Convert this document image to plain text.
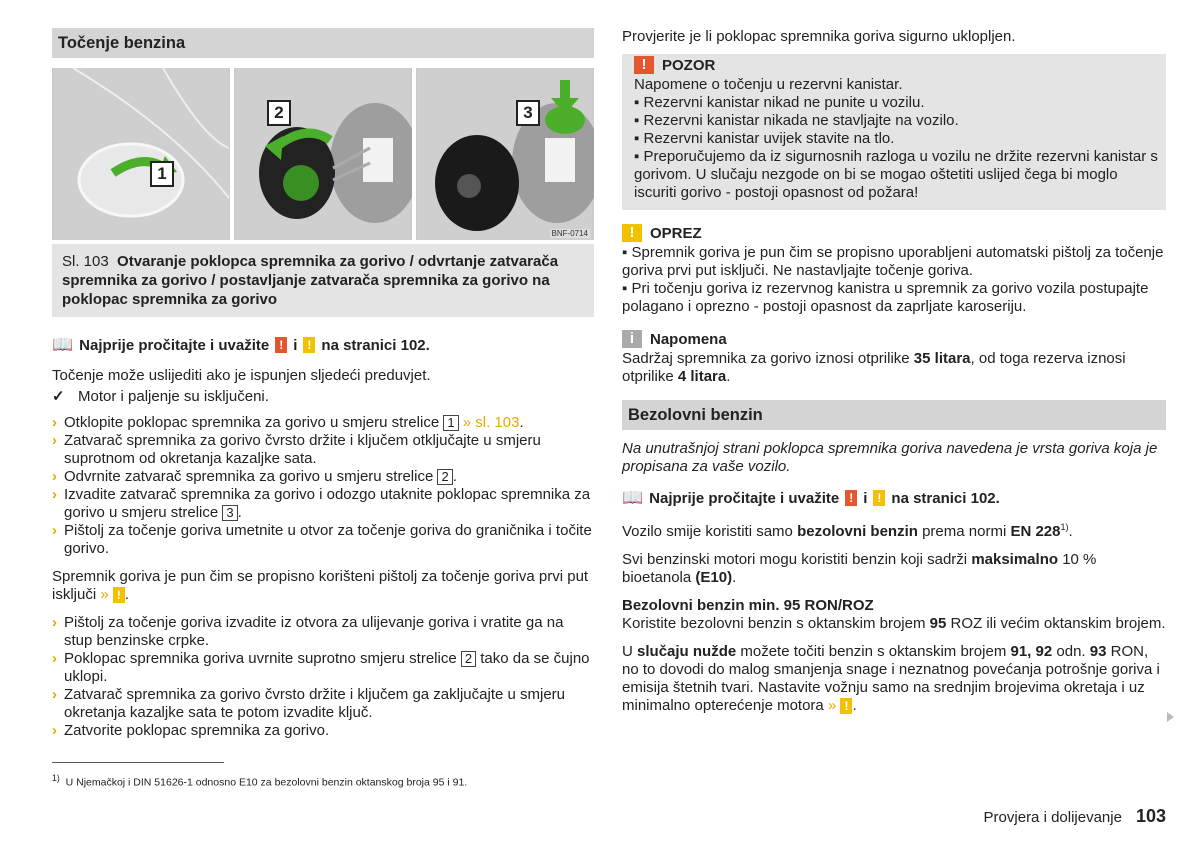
Točenje benzina
1
2	3
BNF-0714
Sl. 103 Otvaranje poklopca spremnika za gorivo / odvrtanje zatvarača spremnika za gorivo / postavljanje zatvarača spremnika za gorivo na poklopac spremnika za gorivo
📖 Najprije pročitajte i uvažite ! i ! na stranici 102.

Točenje može uslijediti ako je ispunjen sljedeći preduvjet.

✓ Motor i paljenje su isključeni.
› Otklopite poklopac spremnika za gorivo u smjeru strelice 1 » sl. 103.
› Zatvarač spremnika za gorivo čvrsto držite i ključem otključajte u smjeru suprotnom od okretanja kazaljke sata.
› Odvrnite zatvarač spremnika za gorivo u smjeru strelice 2 .
› Izvadite zatvarač spremnika za gorivo i odozgo utaknite poklopac spremnika za gorivo u smjeru strelice 3 .
› Pištolj za točenje goriva umetnite u otvor za točenje goriva do graničnika i točite gorivo.

Spremnik goriva je pun čim se propisno korišteni pištolj za točenje goriva prvi put isključi » ! .

› Pištolj za točenje goriva izvadite iz otvora za ulijevanje goriva i vratite ga na stup benzinske crpke.
› Poklopac spremnika goriva uvrnite suprotno smjeru strelice 2 tako da se čujno uklopi.
› Zatvarač spremnika za gorivo čvrsto držite i ključem ga zaključajte u smjeru okretanja kazaljke sata te potom izvadite ključ.
› Zatvorite poklopac spremnika za gorivo.

Provjerite je li poklopac spremnika goriva sigurno uklopljen.

!	POZOR

Napomene o točenju u rezervni kanistar.

▪ Rezervni kanistar nikad ne punite u vozilu.

▪ Rezervni kanistar nikada ne stavljajte na vozilo.

▪ Rezervni kanistar uvijek stavite na tlo.

▪ Preporučujemo da iz sigurnosnih razloga u vozilu ne držite rezervni kanistar s gorivom. U slučaju nezgode on bi se mogao oštetiti uslijed čega bi moglo iscuriti gorivo - postoji opasnost od požara!

!	OPREZ

▪ Spremnik goriva je pun čim se propisno uporabljeni automatski pištolj za točenje goriva prvi put isključi. Ne nastavljajte točenje goriva.

▪ Pri točenju goriva iz rezervnog kanistra u spremnik za gorivo vozila postupajte polagano i oprezno - postoji opasnost da zaprljate karoseriju.

i	Napomena

Sadržaj spremnika za gorivo iznosi otprilike 35 litara, od toga rezerva iznosi otprilike 4 litara.

Bezolovni benzin

Na unutrašnjoj strani poklopca spremnika goriva navedena je vrsta goriva koja je propisana za vaše vozilo.

📖 Najprije pročitajte i uvažite ! i ! na stranici 102.

Vozilo smije koristiti samo bezolovni benzin prema normi EN 228$^{1)}$.

Svi benzinski motori mogu koristiti benzin koji sadrži maksimalno 10 % bioetanola (E10).

Bezolovni benzin min. 95 RON/ROZ

Koristite bezolovni benzin s oktanskim brojem 95 ROZ ili većim oktanskim brojem.

U slučaju nužde možete točiti benzin s oktanskim brojem 91, 92 odn. 93 RON, no to dovodi do malog smanjenja snage i neznatnog povećanja potrošnje goriva i emisija štetnih tvari. Nastavite vožnju samo na srednjim brojevima okretaja i uz minimalno opterećenje motora » ! .

$^{1)}$ U Njemačkoj i DIN 51626-1 odnosno E10 za bezolovni benzin oktanskog broja 95 i 91.
Provjera i dolijevanje 103
